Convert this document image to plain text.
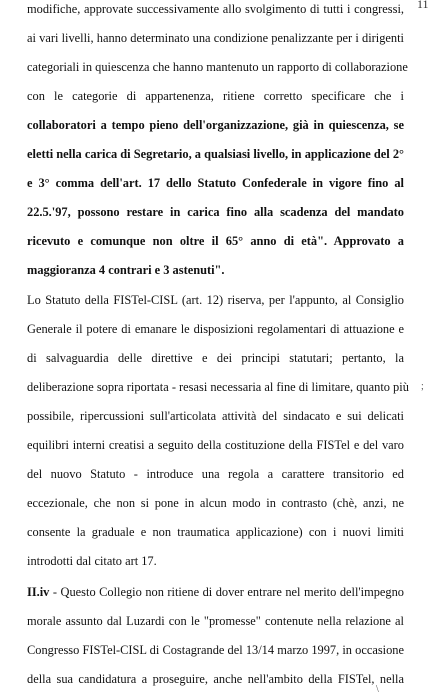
11
modifiche, approvate successivamente allo svolgimento di tutti i congressi,
ai vari livelli, hanno determinato una condizione penalizzante per i dirigenti
categoriali in quiescenza che hanno mantenuto un rapporto di collaborazione
con le categorie di appartenenza, ritiene corretto specificare che i
collaboratori a tempo pieno dell'organizzazione, già in quiescenza, se
eletti nella carica di Segretario, a qualsiasi livello, in applicazione del 2°
e 3° comma dell'art. 17 dello Statuto Confederale in vigore fino al
22.5.'97, possono restare in carica fino alla scadenza del mandato
ricevuto e comunque non oltre il 65° anno di età". Approvato a
maggioranza 4 contrari e 3 astenuti".
Lo Statuto della FISTel-CISL (art. 12) riserva, per l'appunto, al Consiglio
Generale il potere di emanare le disposizioni regolamentari di attuazione e
di salvaguardia delle direttive e dei principi statutari; pertanto, la
deliberazione sopra riportata - resasi necessaria al fine di limitare, quanto più
possibile, ripercussioni sull'articolata attività del sindacato e sui delicati
equilibri interni creatisi a seguito della costituzione della FISTel e del varo
del nuovo Statuto - introduce una regola a carattere transitorio ed
eccezionale, che non si pone in alcun modo in contrasto (chè, anzi, ne
consente la graduale e non traumatica applicazione) con i nuovi limiti
introdotti dal citato art 17.
II.iv - Questo Collegio non ritiene di dover entrare nel merito dell'impegno
morale assunto dal Luzardi con le "promesse" contenute nella relazione al
Congresso FISTel-CISL di Costagrande del 13/14 marzo 1997, in occasione
della sua candidatura a proseguire, anche nell'ambito della FISTel, nella
;
\
